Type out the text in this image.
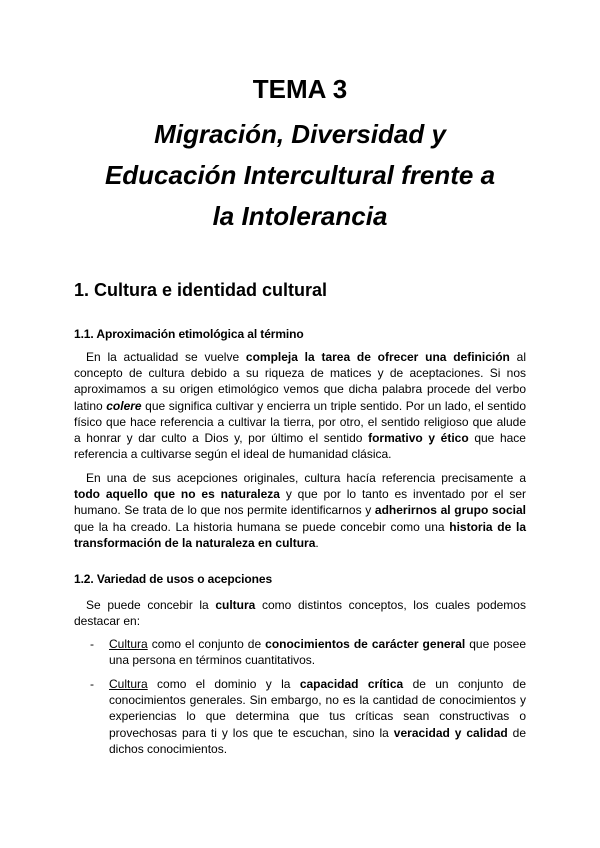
TEMA 3

Migración, Diversidad y

Educación Intercultural frente a

la Intolerancia

1. Cultura e identidad cultural
1.1. Aproximación etimológica al término

En la actualidad se vuelve compleja la tarea de ofrecer una definición al concepto de cultura debido a su riqueza de matices y de aceptaciones. Si nos aproximamos a su origen etimológico vemos que dicha palabra procede del verbo latino colere que significa cultivar y encierra un triple sentido. Por un lado, el sentido físico que hace referencia a cultivar la tierra, por otro, el sentido religioso que alude a honrar y dar culto a Dios y, por último el sentido formativo y ético que hace referencia a cultivarse según el ideal de humanidad clásica.

En una de sus acepciones originales, cultura hacía referencia precisamente a todo aquello que no es naturaleza y que por lo tanto es inventado por el ser humano. Se trata de lo que nos permite identificarnos y adherirnos al grupo social que la ha creado. La historia humana se puede concebir como una historia de la transformación de la naturaleza en cultura.

1.2. Variedad de usos o acepciones

Se puede concebir la cultura como distintos conceptos, los cuales podemos destacar en:

- Cultura como el conjunto de conocimientos de carácter general que posee una persona en términos cuantitativos.
- Cultura como el dominio y la capacidad crítica de un conjunto de conocimientos generales. Sin embargo, no es la cantidad de conocimientos y experiencias lo que determina que tus críticas sean constructivas o provechosas para ti y los que te escuchan, sino la veracidad y calidad de dichos conocimientos.
